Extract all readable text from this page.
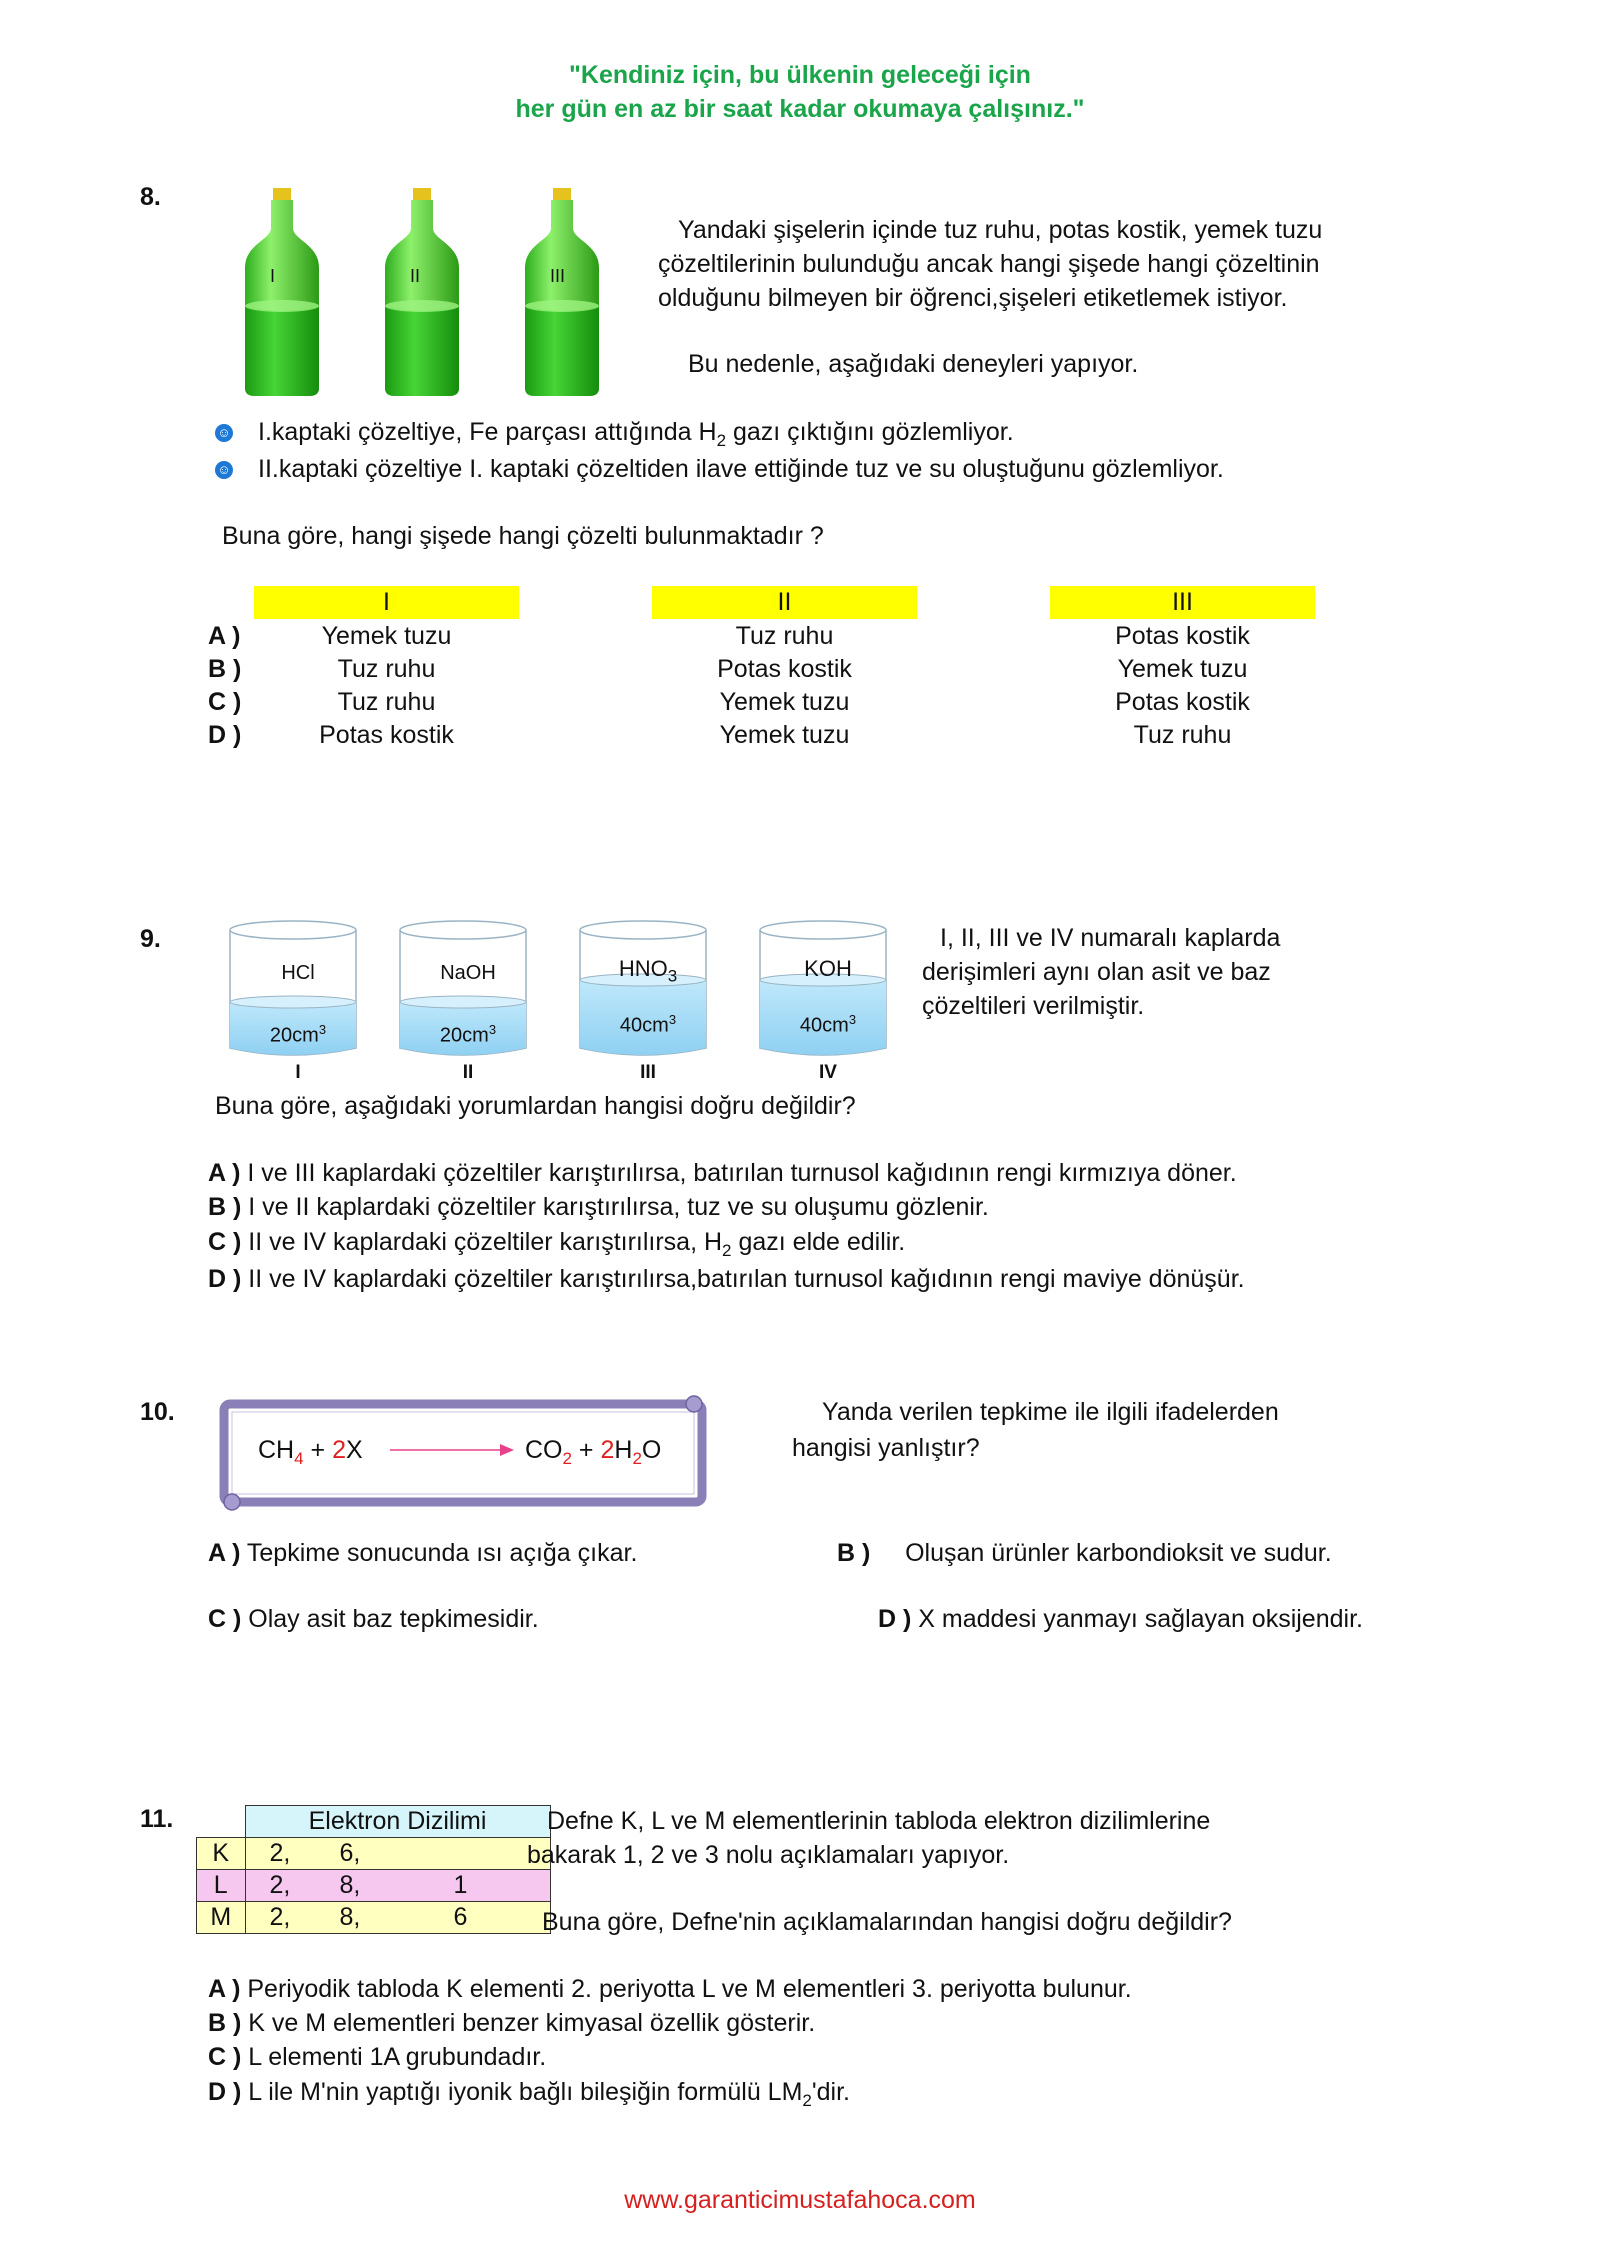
"Kendiniz için, bu ülkenin geleceği için
her gün en az bir saat kadar okumaya çalışınız."
8.
I	II	III
Yandaki şişelerin içinde tuz ruhu, potas kostik, yemek tuzu
çözeltilerinin bulunduğu ancak hangi şişede hangi çözeltinin
olduğunu bilmeyen bir öğrenci,şişeleri etiketlemek istiyor.
Bu nedenle, aşağıdaki deneyleri yapıyor.
☺ I.kaptaki çözeltiye, Fe parçası attığında $H_2$ gazı çıktığını gözlemliyor.
☺ II.kaptaki çözeltiye I. kaptaki çözeltiden ilave ettiğinde tuz ve su oluştuğunu gözlemliyor.
Buna göre, hangi şişede hangi çözelti bulunmaktadır ?
I	II	III
A )	Yemek tuzu	Tuz ruhu	Potas kostik
B )	Tuz ruhu	Potas kostik	Yemek tuzu
C )	Tuz ruhu	Yemek tuzu	Potas kostik
D )	Potas kostik	Yemek tuzu	Tuz ruhu
9.
HCl	NaOH	$HNO_3$	KOH
$20cm^3$	$20cm^3$	$40cm^3$	$40cm^3$
I	II	III	IV
I, II, III ve IV numaralı kaplarda
derişimleri aynı olan asit ve baz
çözeltileri verilmiştir.
Buna göre, aşağıdaki yorumlardan hangisi doğru değildir?
A ) I ve III kaplardaki çözeltiler karıştırılırsa, batırılan turnusol kağıdının rengi kırmızıya döner.
B ) I ve II kaplardaki çözeltiler karıştırılırsa, tuz ve su oluşumu gözlenir.
C ) II ve IV kaplardaki çözeltiler karıştırılırsa, $H_2$ gazı elde edilir.
D ) II ve IV kaplardaki çözeltiler karıştırılırsa,batırılan turnusol kağıdının rengi maviye dönüşür.
10.
$CH_4 + 2X$	$CO_2 + 2H_2O$
Yanda verilen tepkime ile ilgili ifadelerden
hangisi yanlıştır?
A ) Tepkime sonucunda ısı açığa çıkar.	B ) Oluşan ürünler karbondioksit ve sudur.
C ) Olay asit baz tepkimesidir.	D ) X maddesi yanmayı sağlayan oksijendir.
11.
		Elektron Dizilimi		
K	2,	6,	
L	2,	8,	1
M	2,	8,	6
Defne K, L ve M elementlerinin tabloda elektron dizilimlerine
bakarak 1, 2 ve 3 nolu açıklamaları yapıyor.
Buna göre, Defne'nin açıklamalarından hangisi doğru değildir?
A ) Periyodik tabloda K elementi 2. periyotta L ve M elementleri 3. periyotta bulunur.
B ) K ve M elementleri benzer kimyasal özellik gösterir.
C ) L elementi 1A grubundadır.
D ) L ile M'nin yaptığı iyonik bağlı bileşiğin formülü $LM_2'dir$.
www.garanticimustafahoca.com
